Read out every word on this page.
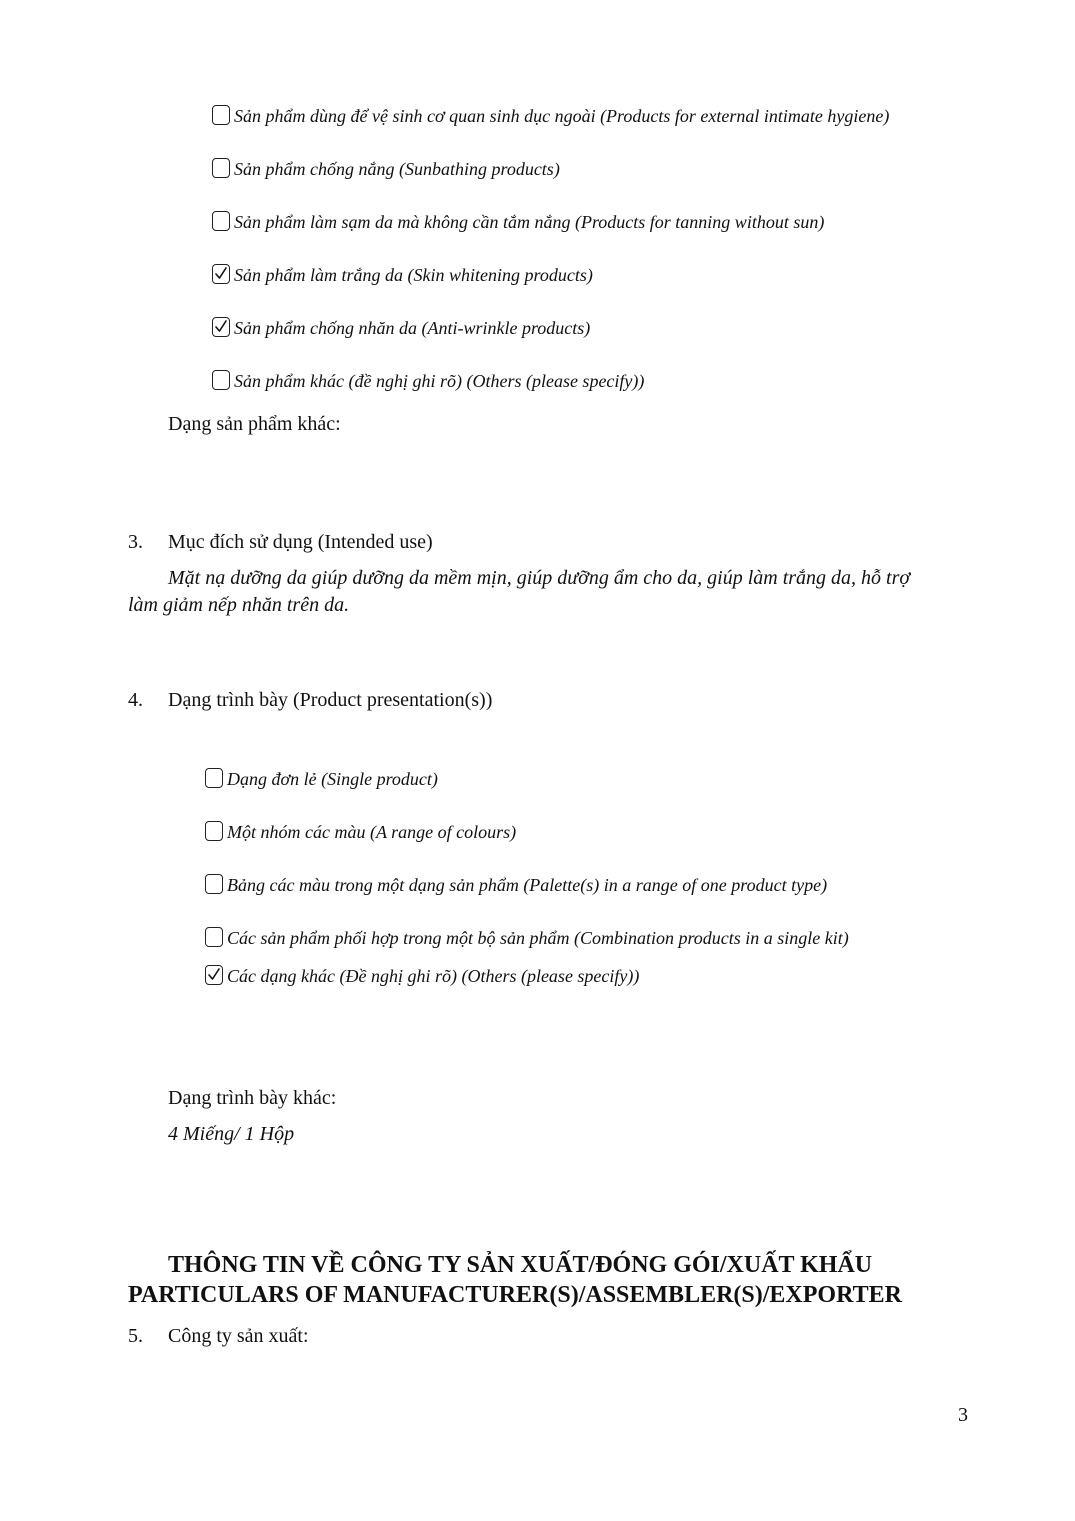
Sản phẩm dùng để vệ sinh cơ quan sinh dục ngoài (Products for external intimate hygiene)
Sản phẩm chống nắng (Sunbathing products)
Sản phẩm làm sạm da mà không cần tắm nắng (Products for tanning without sun)
Sản phẩm làm trắng da (Skin whitening products)
Sản phẩm chống nhăn da (Anti-wrinkle products)
Sản phẩm khác (đề nghị ghi rõ) (Others (please specify))
Dạng sản phẩm khác:
3. Mục đích sử dụng (Intended use)
Mặt nạ dưỡng da giúp dưỡng da mềm mịn, giúp dưỡng ẩm cho da, giúp làm trắng da, hỗ trợ
làm giảm nếp nhăn trên da.
4. Dạng trình bày (Product presentation(s))
Dạng đơn lẻ (Single product)
Một nhóm các màu (A range of colours)
Bảng các màu trong một dạng sản phẩm (Palette(s) in a range of one product type)
Các sản phẩm phối hợp trong một bộ sản phẩm (Combination products in a single kit)
Các dạng khác (Đề nghị ghi rõ) (Others (please specify))
Dạng trình bày khác:
4 Miếng/ 1 Hộp
THÔNG TIN VỀ CÔNG TY SẢN XUẤT/ĐÓNG GÓI/XUẤT KHẨU
PARTICULARS OF MANUFACTURER(S)/ASSEMBLER(S)/EXPORTER
5. Công ty sản xuất:
3
